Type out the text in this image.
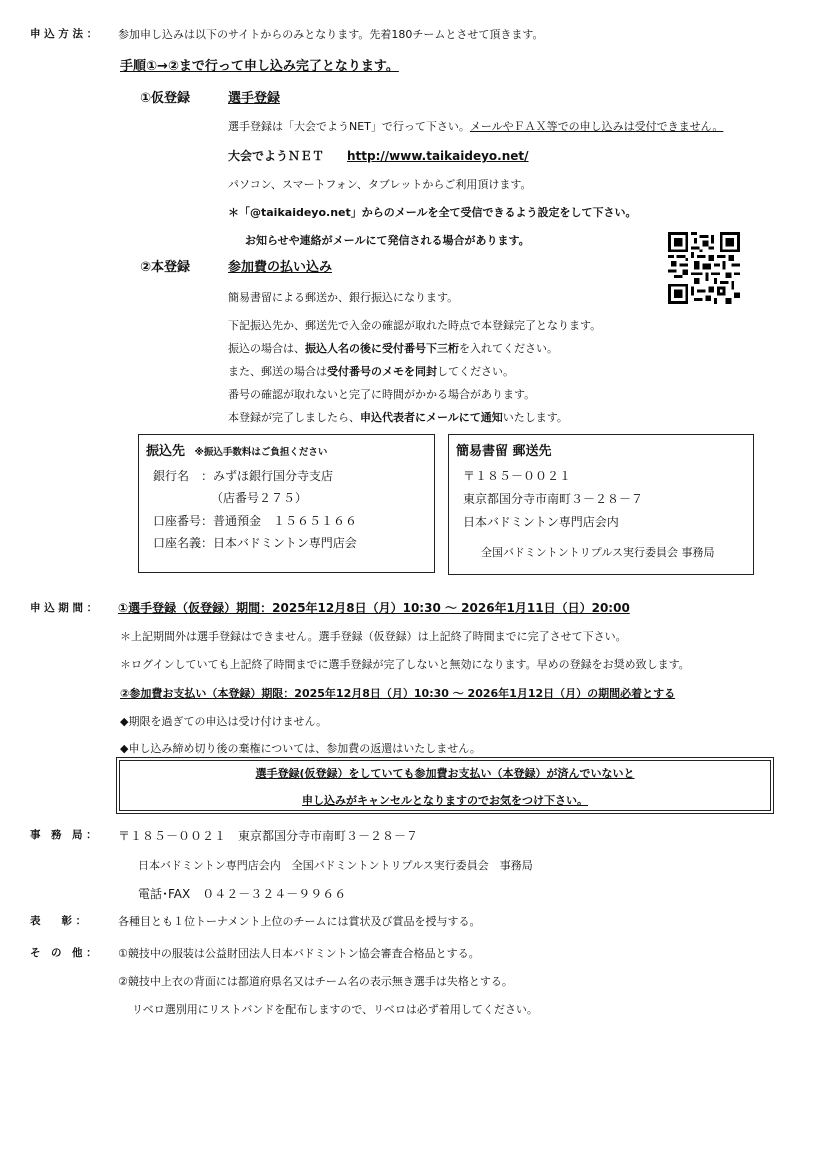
申 込 方 法 ： 参加申し込みは以下のサイトからのみとなります。先着180チームとさせて頂きます。
手順①→②まで行って申し込み完了となります。
①仮登録	選手登録
選手登録は「大会でようNET」で行って下さい。メールやＦＡＸ等での申し込みは受付できません。
大会でようＮＥＴ http://www.taikaideyo.net/
パソコン、スマートフォン、タブレットからご利用頂けます。
＊「@taikaideyo.net」からのメールを全て受信できるよう設定をして下さい。
お知らせや連絡がメールにて発信される場合があります。
②本登録	参加費の払い込み
簡易書留による郵送か、銀行振込になります。
下記振込先か、郵送先で入金の確認が取れた時点で本登録完了となります。
振込の場合は、振込人名の後に受付番号下三桁を入れてください。
また、郵送の場合は受付番号のメモを同封してください。
番号の確認が取れないと完了に時間がかかる場合があります。
本登録が完了しましたら、申込代表者にメールにて通知いたします。
振込先 ※振込手数料はご負担ください
銀行名　：みずほ銀行国分寺支店
（店番号２７５）
口座番号：普通預金　１５６５１６６
口座名義：日本バドミントン専門店会
簡易書留 郵送先
〒１８５－００２１
東京都国分寺市南町３－２８－７
日本バドミントン専門店会内
全国バドミントントリプルス実行委員会 事務局
申 込 期 間 ： ①選手登録（仮登録）期間：2025年12月8日（月）10:30 ～ 2026年1月11日（日）20:00
＊上記期間外は選手登録はできません。選手登録（仮登録）は上記終了時間までに完了させて下さい。
＊ログインしていても上記終了時間までに選手登録が完了しないと無効になります。早めの登録をお奨め致します。
②参加費お支払い（本登録）期限：2025年12月8日（月）10:30 ～ 2026年1月12日（月）の期間必着とする
◆期限を過ぎての申込は受け付けません。
◆申し込み締め切り後の棄権については、参加費の返還はいたしません。
選手登録(仮登録）をしていても参加費お支払い（本登録）が済んでいないと
申し込みがキャンセルとなりますのでお気をつけ下さい。
事　務　局 ： 〒１８５－００２１　東京都国分寺市南町３－２８－７
日本バドミントン専門店会内　全国バドミントントリプルス実行委員会　事務局
電話･FAX　０４２－３２４－９９６６
表　　彰 ：	各種目とも１位トーナメント上位のチームには賞状及び賞品を授与する。
そ　の　他 ： ①競技中の服装は公益財団法人日本バドミントン協会審査合格品とする。
②競技中上衣の背面には都道府県名又はチーム名の表示無き選手は失格とする。
リベロ選別用にリストバンドを配布しますので、リベロは必ず着用してください。
